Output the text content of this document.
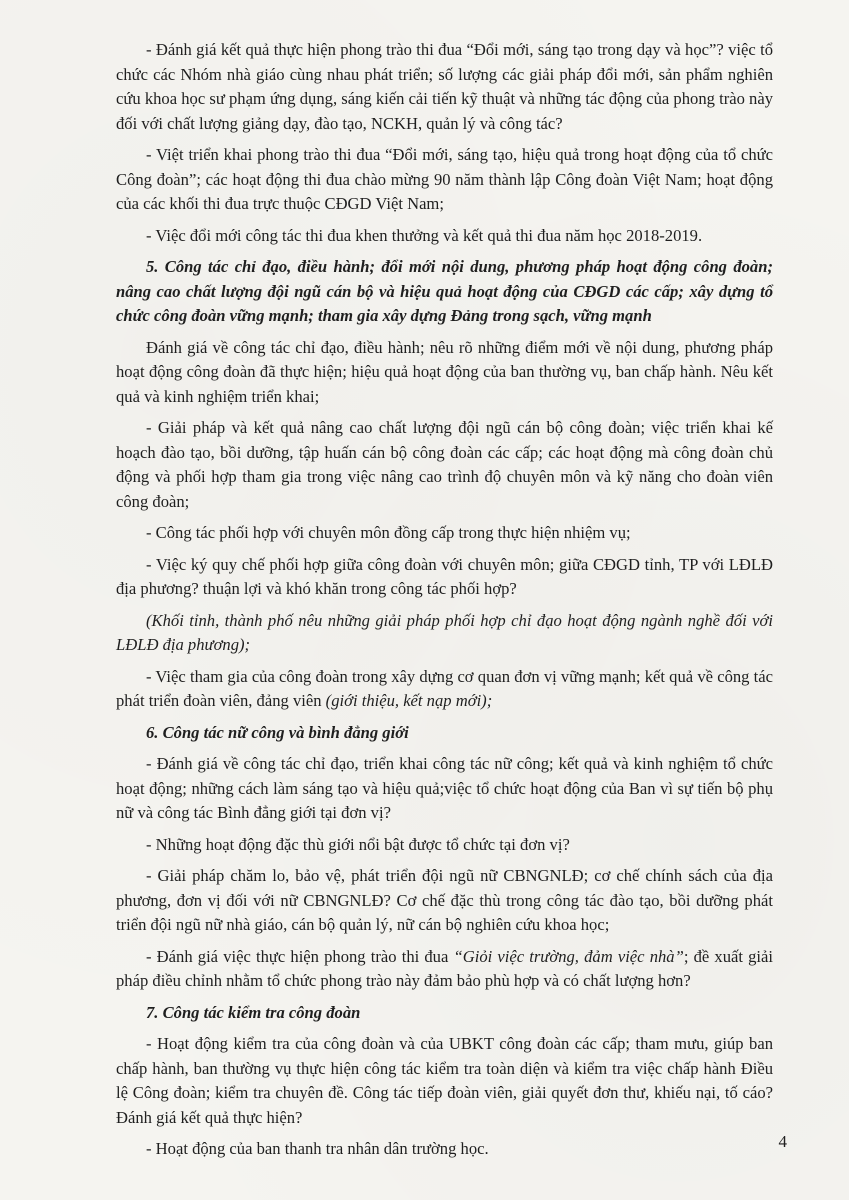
- Đánh giá kết quả thực hiện phong trào thi đua “Đổi mới, sáng tạo trong dạy và học”? việc tổ chức các Nhóm nhà giáo cùng nhau phát triển; số lượng các giải pháp đổi mới, sản phẩm nghiên cứu khoa học sư phạm ứng dụng, sáng kiến cải tiến kỹ thuật và những tác động của phong trào này đối với chất lượng giảng dạy, đào tạo, NCKH, quản lý và công tác?

- Việt triển khai phong trào thi đua “Đổi mới, sáng tạo, hiệu quả trong hoạt động của tổ chức Công đoàn”; các hoạt động thi đua chào mừng 90 năm thành lập Công đoàn Việt Nam; hoạt động của các khối thi đua trực thuộc CĐGD Việt Nam;

- Việc đổi mới công tác thi đua khen thưởng và kết quả thi đua năm học 2018-2019.

5. Công tác chỉ đạo, điều hành; đổi mới nội dung, phương pháp hoạt động công đoàn; nâng cao chất lượng đội ngũ cán bộ và hiệu quả hoạt động của CĐGD các cấp; xây dựng tổ chức công đoàn vững mạnh; tham gia xây dựng Đảng trong sạch, vững mạnh

Đánh giá về công tác chỉ đạo, điều hành; nêu rõ những điểm mới về nội dung, phương pháp hoạt động công đoàn đã thực hiện; hiệu quả hoạt động của ban thường vụ, ban chấp hành. Nêu kết quả và kinh nghiệm triển khai;

- Giải pháp và kết quả nâng cao chất lượng đội ngũ cán bộ công đoàn; việc triển khai kế hoạch đào tạo, bồi dưỡng, tập huấn cán bộ công đoàn các cấp; các hoạt động mà công đoàn chủ động và phối hợp tham gia trong việc nâng cao trình độ chuyên môn và kỹ năng cho đoàn viên công đoàn;

- Công tác phối hợp với chuyên môn đồng cấp trong thực hiện nhiệm vụ;

- Việc ký quy chế phối hợp giữa công đoàn với chuyên môn; giữa CĐGD tỉnh, TP với LĐLĐ địa phương? thuận lợi và khó khăn trong công tác phối hợp?

(Khối tỉnh, thành phố nêu những giải pháp phối hợp chỉ đạo hoạt động ngành nghề đối với LĐLĐ địa phương);

- Việc tham gia của công đoàn trong xây dựng cơ quan đơn vị vững mạnh; kết quả về công tác phát triển đoàn viên, đảng viên (giới thiệu, kết nạp mới);

6. Công tác nữ công và bình đẳng giới

- Đánh giá về công tác chỉ đạo, triển khai công tác nữ công; kết quả và kinh nghiệm tổ chức hoạt động; những cách làm sáng tạo và hiệu quả;việc tổ chức hoạt động của Ban vì sự tiến bộ phụ nữ và công tác Bình đẳng giới tại đơn vị?

- Những hoạt động đặc thù giới nổi bật được tổ chức tại đơn vị?

- Giải pháp chăm lo, bảo vệ, phát triển đội ngũ nữ CBNGNLĐ; cơ chế chính sách của địa phương, đơn vị đối với nữ CBNGNLĐ? Cơ chế đặc thù trong công tác đào tạo, bồi dưỡng phát triển đội ngũ nữ nhà giáo, cán bộ quản lý, nữ cán bộ nghiên cứu khoa học;

- Đánh giá việc thực hiện phong trào thi đua “Giỏi việc trường, đảm việc nhà”; đề xuất giải pháp điều chỉnh nhằm tổ chức phong trào này đảm bảo phù hợp và có chất lượng hơn?

7. Công tác kiểm tra công đoàn

- Hoạt động kiểm tra của công đoàn và của UBKT công đoàn các cấp; tham mưu, giúp ban chấp hành, ban thường vụ thực hiện công tác kiểm tra toàn diện và kiểm tra việc chấp hành Điều lệ Công đoàn; kiểm tra chuyên đề. Công tác tiếp đoàn viên, giải quyết đơn thư, khiếu nại, tố cáo? Đánh giá kết quả thực hiện?

- Hoạt động của ban thanh tra nhân dân trường học.	4
